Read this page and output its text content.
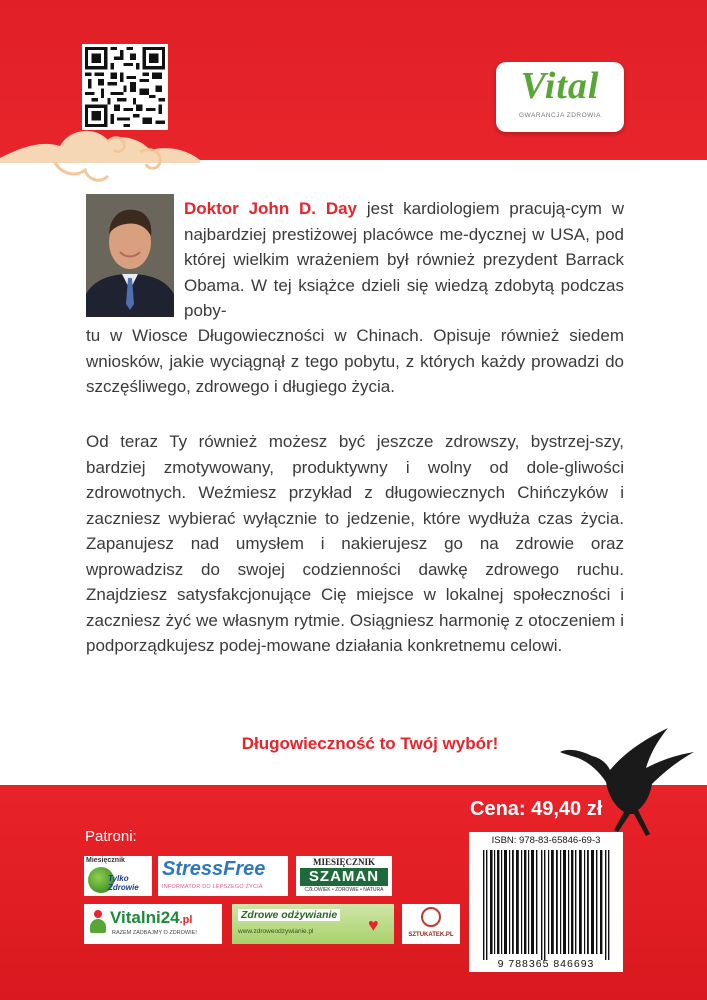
Vital
GWARANCJA ZDROWIA
Doktor John D. Day jest kardiologiem pracują-cym w najbardziej prestiżowej placówce me-dycznej w USA, pod której wielkim wrażeniem był również prezydent Barrack Obama. W tej książce dzieli się wiedzą zdobytą podczas poby-
tu w Wiosce Długowieczności w Chinach. Opisuje również siedem wniosków, jakie wyciągnął z tego pobytu, z których każdy prowadzi do szczęśliwego, zdrowego i długiego życia.
Od teraz Ty również możesz być jeszcze zdrowszy, bystrzej-szy, bardziej zmotywowany, produktywny i wolny od dole-gliwości zdrowotnych. Weźmiesz przykład z długowiecznych Chińczyków i zaczniesz wybierać wyłącznie to jedzenie, które wydłuża czas życia. Zapanujesz nad umysłem i nakierujesz go na zdrowie oraz wprowadzisz do swojej codzienności dawkę zdrowego ruchu. Znajdziesz satysfakcjonujące Cię miejsce w lokalnej społeczności i zaczniesz żyć we własnym rytmie. Osiągniesz harmonię z otoczeniem i podporządkujesz podej-mowane działania konkretnemu celowi.
Długowieczność to Twój wybór!
Cena: 49,40 zł
ISBN: 978-83-65846-69-3
9 788365 846693
Patroni:
Miesięcznik
Tylko Zdrowie
StressFree
INFORMATOR DO LEPSZEGO ŻYCIA
MIESIĘCZNIK
SZAMAN
CZŁOWIEK • ZDROWIE • NATURA
Vitalni24.pl
RAZEM ZADBAJMY O ZDROWIE!
Zdrowe odżywianie
www.zdroweodzywianie.pl	♥	SZTUKATEK.PL
